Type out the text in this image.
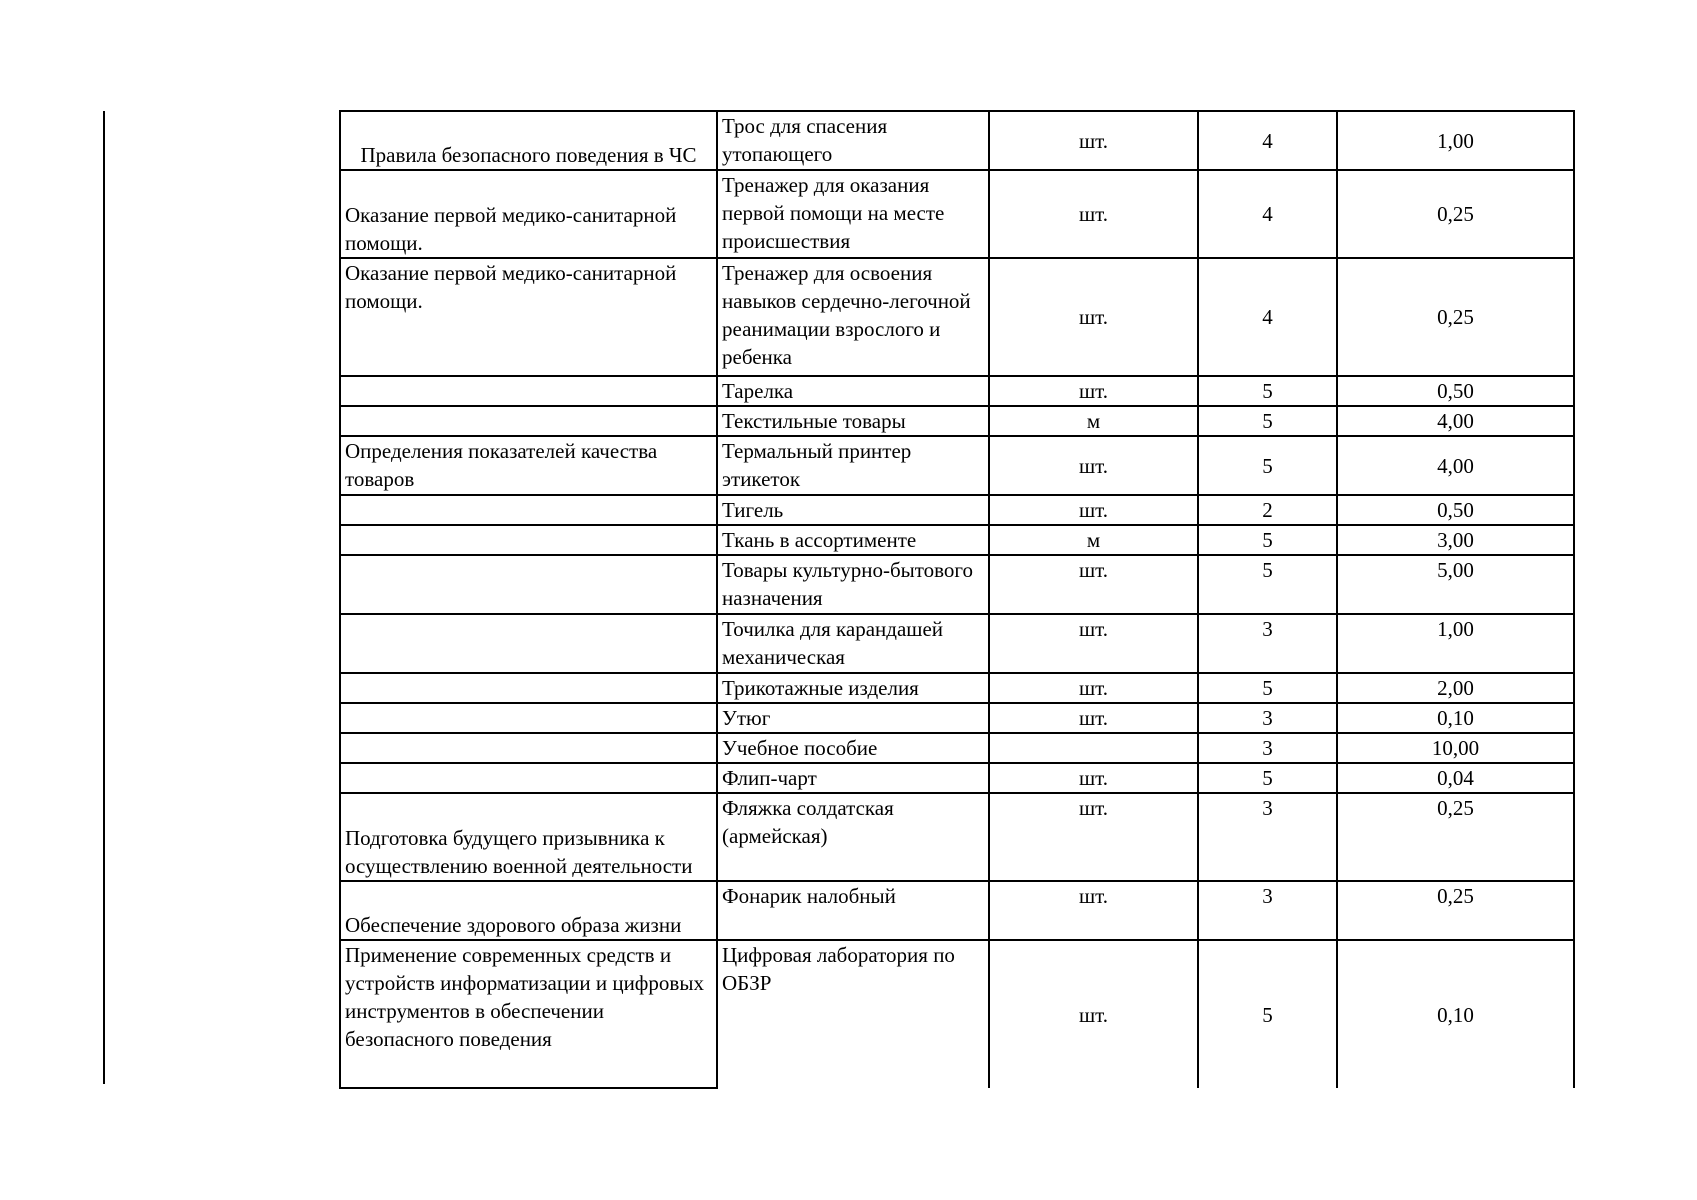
Правила безопасного поведения в ЧС	Трос для спасения утопающего	шт.	4	1,00
Оказание первой медико-санитарной помощи.	Тренажер для оказания первой помощи на месте происшествия	шт.	4	0,25
Оказание первой медико-санитарной помощи.	Тренажер для освоения навыков сердечно-легочной реанимации взрослого и ребенка	шт.	4	0,25
	Тарелка	шт.	5	0,50
	Текстильные товары	м	5	4,00
Определения показателей качества товаров	Термальный принтер этикеток	шт.	5	4,00
	Тигель	шт.	2	0,50
	Ткань в ассортименте	м	5	3,00
	Товары культурно-бытового назначения	шт.	5	5,00
	Точилка для карандашей механическая	шт.	3	1,00
	Трикотажные изделия	шт.	5	2,00
	Утюг	шт.	3	0,10
	Учебное пособие		3	10,00
	Флип-чарт	шт.	5	0,04
Подготовка будущего призывника к осуществлению военной деятельности	Фляжка солдатская (армейская)	шт.	3	0,25
Обеспечение здорового образа жизни	Фонарик налобный	шт.	3	0,25
Применение современных средств и устройств информатизации и цифровых инструментов в обеспечении безопасного поведения	Цифровая лаборатория по ОБЗР	шт.	5	0,10
